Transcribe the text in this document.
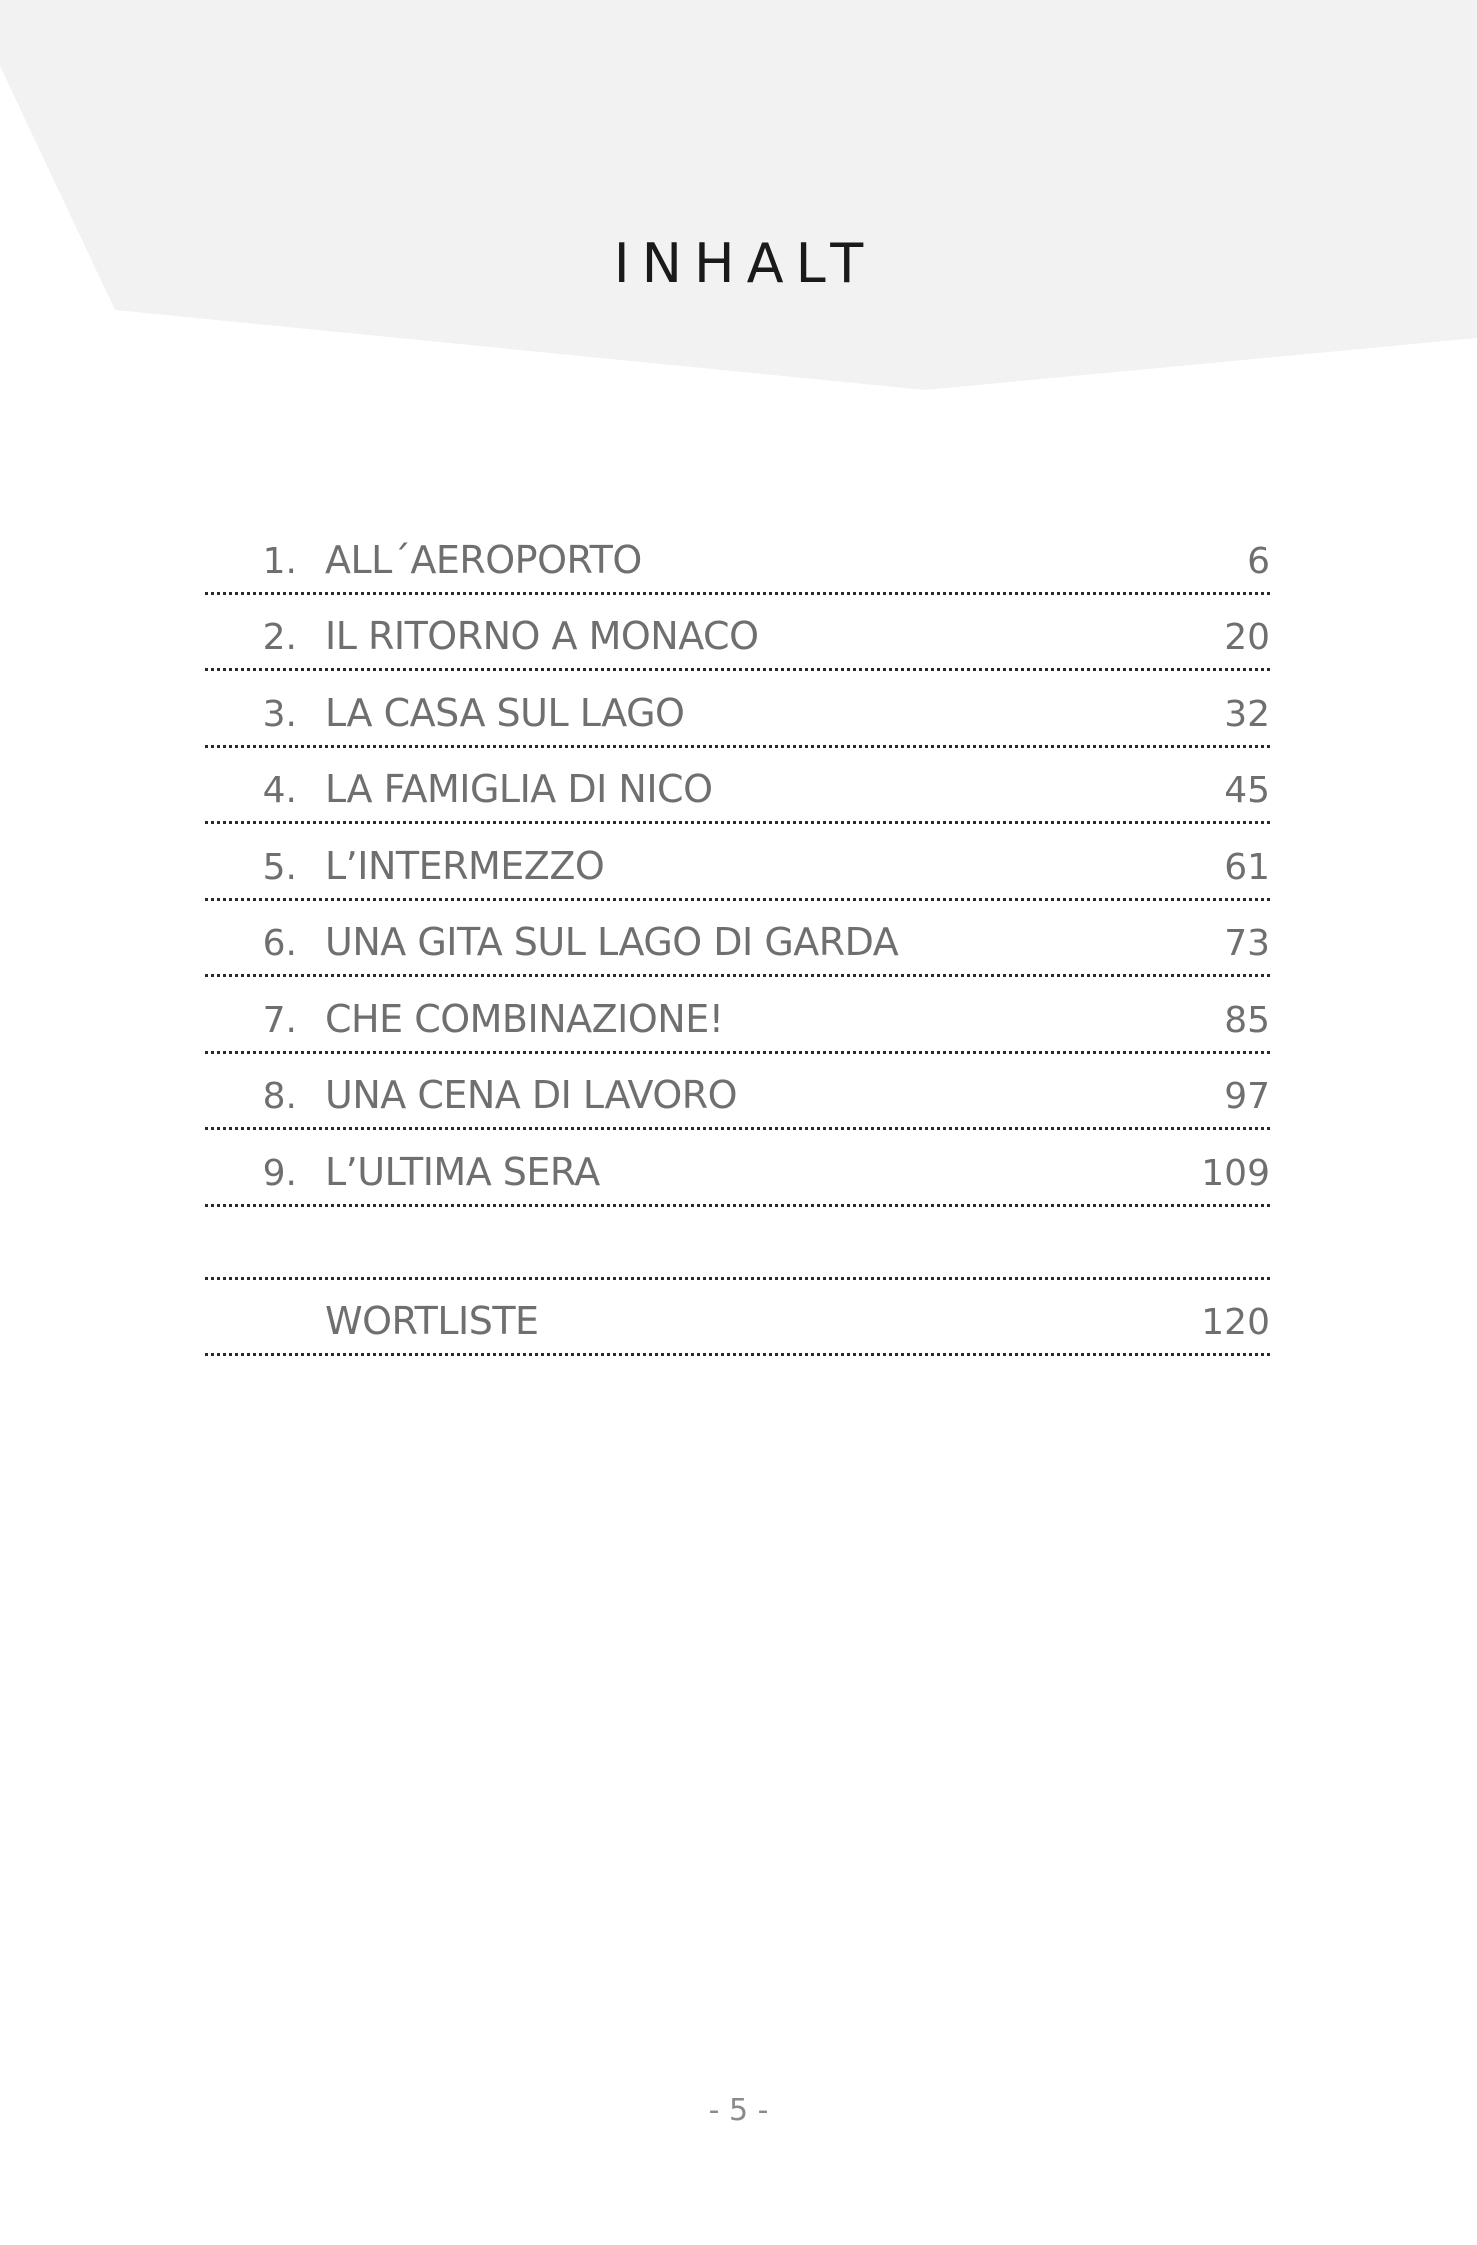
INHALT
1. ALL´AEROPORTO	6
2. IL RITORNO A MONACO	20
3. LA CASA SUL LAGO	32
4. LA FAMIGLIA DI NICO	45
5. L’INTERMEZZO	61
6. UNA GITA SUL LAGO DI GARDA	73
7. CHE COMBINAZIONE!	85
8. UNA CENA DI LAVORO	97
9. L’ULTIMA SERA	109
WORTLISTE	120
- 5 -
